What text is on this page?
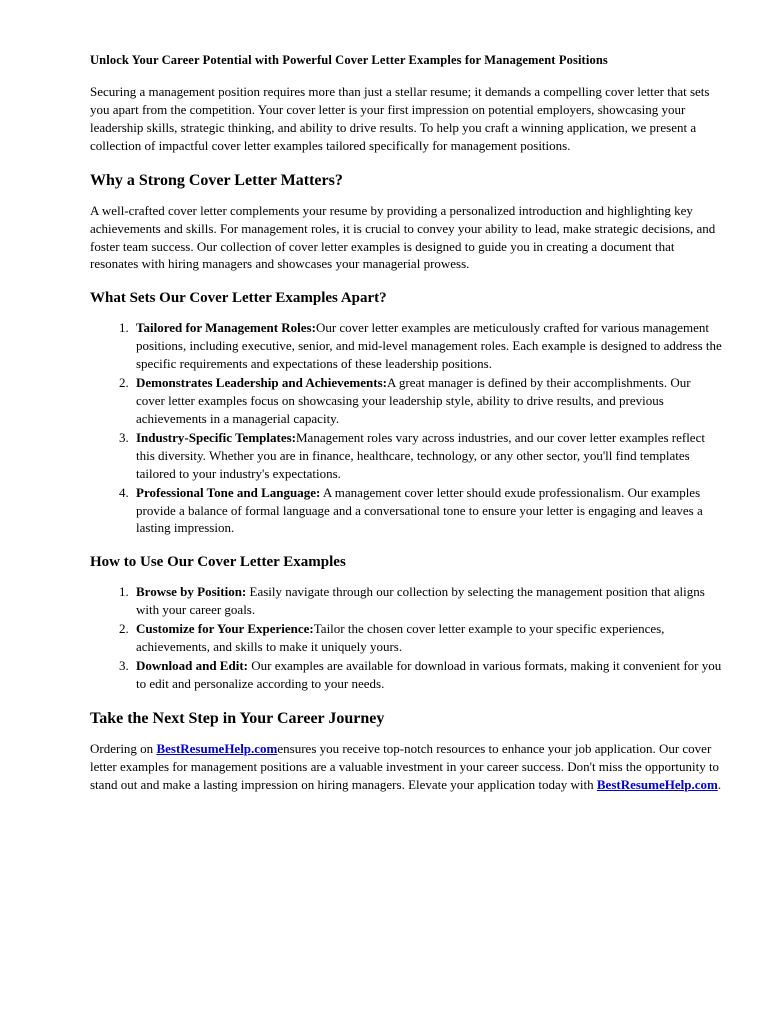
Unlock Your Career Potential with Powerful Cover Letter Examples for Management Positions

Securing a management position requires more than just a stellar resume; it demands a compelling cover letter that sets you apart from the competition. Your cover letter is your first impression on potential employers, showcasing your leadership skills, strategic thinking, and ability to drive results. To help you craft a winning application, we present a collection of impactful cover letter examples tailored specifically for management positions.

Why a Strong Cover Letter Matters?

A well-crafted cover letter complements your resume by providing a personalized introduction and highlighting key achievements and skills. For management roles, it is crucial to convey your ability to lead, make strategic decisions, and foster team success. Our collection of cover letter examples is designed to guide you in creating a document that resonates with hiring managers and showcases your managerial prowess.

What Sets Our Cover Letter Examples Apart?
1. Tailored for Management Roles:Our cover letter examples are meticulously crafted for various management positions, including executive, senior, and mid-level management roles. Each example is designed to address the specific requirements and expectations of these leadership positions.
2. Demonstrates Leadership and Achievements:A great manager is defined by their accomplishments. Our cover letter examples focus on showcasing your leadership style, ability to drive results, and previous achievements in a managerial capacity.
3. Industry-Specific Templates:Management roles vary across industries, and our cover letter examples reflect this diversity. Whether you are in finance, healthcare, technology, or any other sector, you'll find templates tailored to your industry's expectations.
4. Professional Tone and Language: A management cover letter should exude professionalism. Our examples provide a balance of formal language and a conversational tone to ensure your letter is engaging and leaves a lasting impression.
How to Use Our Cover Letter Examples
1. Browse by Position: Easily navigate through our collection by selecting the management position that aligns with your career goals.
2. Customize for Your Experience:Tailor the chosen cover letter example to your specific experiences, achievements, and skills to make it uniquely yours.
3. Download and Edit: Our examples are available for download in various formats, making it convenient for you to edit and personalize according to your needs.
Take the Next Step in Your Career Journey

Ordering on BestResumeHelp.comensures you receive top-notch resources to enhance your job application. Our cover letter examples for management positions are a valuable investment in your career success. Don't miss the opportunity to stand out and make a lasting impression on hiring managers. Elevate your application today with BestResumeHelp.com.
